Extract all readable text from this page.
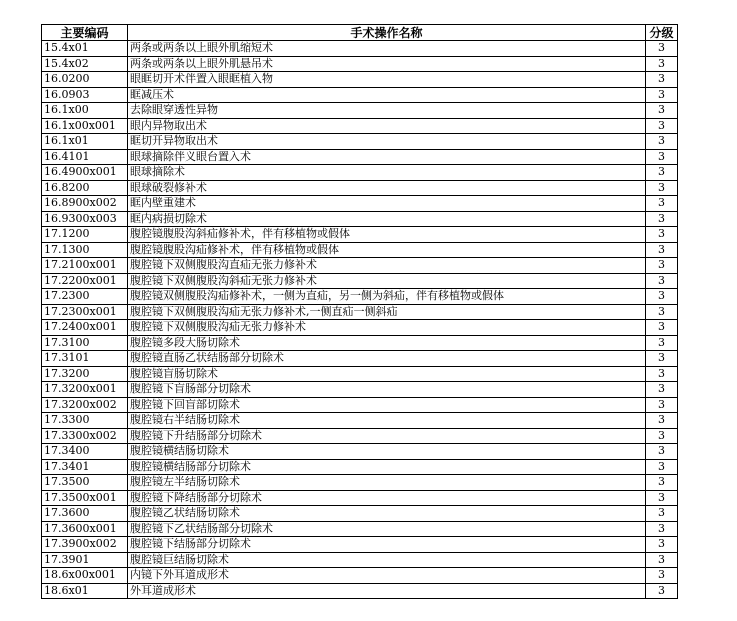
主要编码	手术操作名称	分级
15.4x01	两条或两条以上眼外肌缩短术	3
15.4x02	两条或两条以上眼外肌悬吊术	3
16.0200	眼眶切开术伴置入眼眶植入物	3
16.0903	眶减压术	3
16.1x00	去除眼穿透性异物	3
16.1x00x001	眼内异物取出术	3
16.1x01	眶切开异物取出术	3
16.4101	眼球摘除伴义眼台置入术	3
16.4900x001	眼球摘除术	3
16.8200	眼球破裂修补术	3
16.8900x002	眶内壁重建术	3
16.9300x003	眶内病损切除术	3
17.1200	腹腔镜腹股沟斜疝修补术，伴有移植物或假体	3
17.1300	腹腔镜腹股沟疝修补术，伴有移植物或假体	3
17.2100x001	腹腔镜下双侧腹股沟直疝无张力修补术	3
17.2200x001	腹腔镜下双侧腹股沟斜疝无张力修补术	3
17.2300	腹腔镜双侧腹股沟疝修补术，一侧为直疝，另一侧为斜疝，伴有移植物或假体	3
17.2300x001	腹腔镜下双侧腹股沟疝无张力修补术,一侧直疝一侧斜疝	3
17.2400x001	腹腔镜下双侧腹股沟疝无张力修补术	3
17.3100	腹腔镜多段大肠切除术	3
17.3101	腹腔镜直肠乙状结肠部分切除术	3
17.3200	腹腔镜盲肠切除术	3
17.3200x001	腹腔镜下盲肠部分切除术	3
17.3200x002	腹腔镜下回盲部切除术	3
17.3300	腹腔镜右半结肠切除术	3
17.3300x002	腹腔镜下升结肠部分切除术	3
17.3400	腹腔镜横结肠切除术	3
17.3401	腹腔镜横结肠部分切除术	3
17.3500	腹腔镜左半结肠切除术	3
17.3500x001	腹腔镜下降结肠部分切除术	3
17.3600	腹腔镜乙状结肠切除术	3
17.3600x001	腹腔镜下乙状结肠部分切除术	3
17.3900x002	腹腔镜下结肠部分切除术	3
17.3901	腹腔镜巨结肠切除术	3
18.6x00x001	内镜下外耳道成形术	3
18.6x01	外耳道成形术	3
